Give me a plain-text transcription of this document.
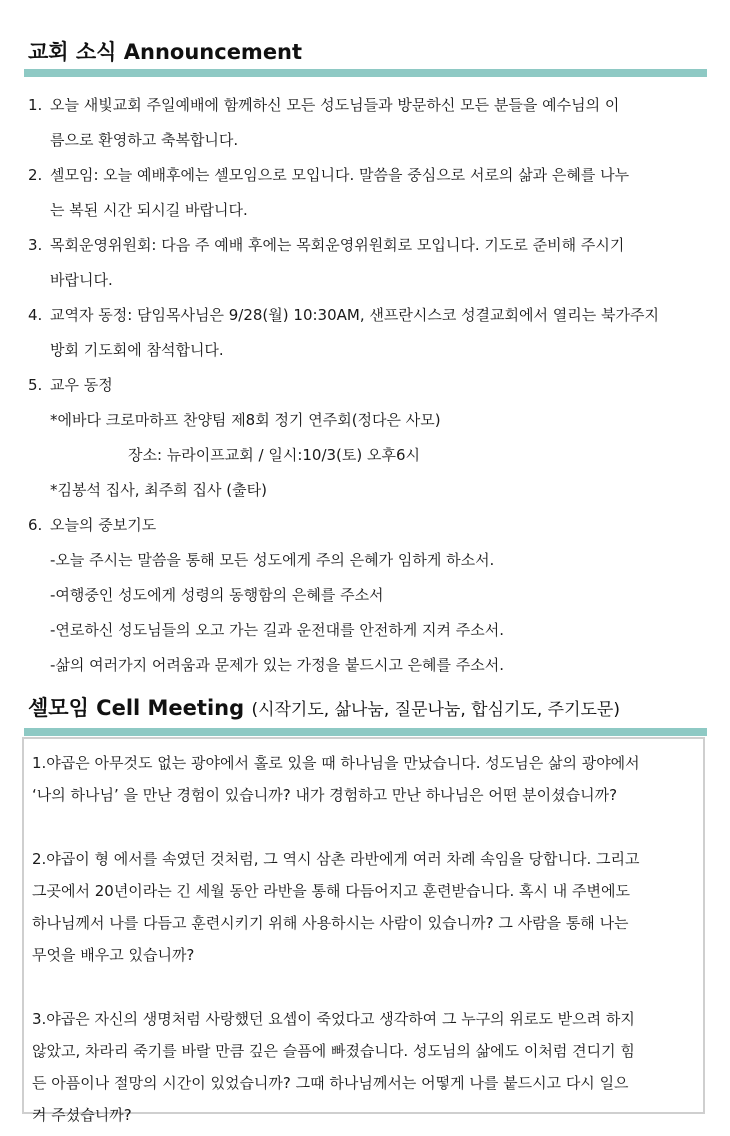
교회 소식 Announcement
1. 오늘 새빛교회 주일예배에 함께하신 모든 성도님들과 방문하신 모든 분들을 예수님의 이
름으로 환영하고 축복합니다.
2. 셀모임: 오늘 예배후에는 셀모임으로 모입니다. 말씀을 중심으로 서로의 삶과 은혜를 나누
는 복된 시간 되시길 바랍니다.
3. 목회운영위원회: 다음 주 예배 후에는 목회운영위원회로 모입니다. 기도로 준비해 주시기
바랍니다.
4. 교역자 동정: 담임목사님은 9/28(월) 10:30AM, 샌프란시스코 성결교회에서 열리는 북가주지
방회 기도회에 참석합니다.
5. 교우 동정
*에바다 크로마하프 찬양팀 제8회 정기 연주회(정다은 사모)
장소: 뉴라이프교회 / 일시:10/3(토) 오후6시
*김봉석 집사, 최주희 집사 (출타)
6. 오늘의 중보기도
-오늘 주시는 말씀을 통해 모든 성도에게 주의 은혜가 임하게 하소서.
-여행중인 성도에게 성령의 동행함의 은혜를 주소서
-연로하신 성도님들의 오고 가는 길과 운전대를 안전하게 지켜 주소서.
-삶의 여러가지 어려움과 문제가 있는 가정을 붙드시고 은혜를 주소서.
셀모임 Cell Meeting (시작기도, 삶나눔, 질문나눔, 합심기도, 주기도문)
1.야곱은 아무것도 없는 광야에서 홀로 있을 때 하나님을 만났습니다. 성도님은 삶의 광야에서
‘나의 하나님’ 을 만난 경험이 있습니까? 내가 경험하고 만난 하나님은 어떤 분이셨습니까?
2.야곱이 형 에서를 속였던 것처럼, 그 역시 삼촌 라반에게 여러 차례 속임을 당합니다. 그리고
그곳에서 20년이라는 긴 세월 동안 라반을 통해 다듬어지고 훈련받습니다. 혹시 내 주변에도
하나님께서 나를 다듬고 훈련시키기 위해 사용하시는 사람이 있습니까? 그 사람을 통해 나는
무엇을 배우고 있습니까?
3.야곱은 자신의 생명처럼 사랑했던 요셉이 죽었다고 생각하여 그 누구의 위로도 받으려 하지
않았고, 차라리 죽기를 바랄 만큼 깊은 슬픔에 빠졌습니다. 성도님의 삶에도 이처럼 견디기 힘
든 아픔이나 절망의 시간이 있었습니까? 그때 하나님께서는 어떻게 나를 붙드시고 다시 일으
켜 주셨습니까?
